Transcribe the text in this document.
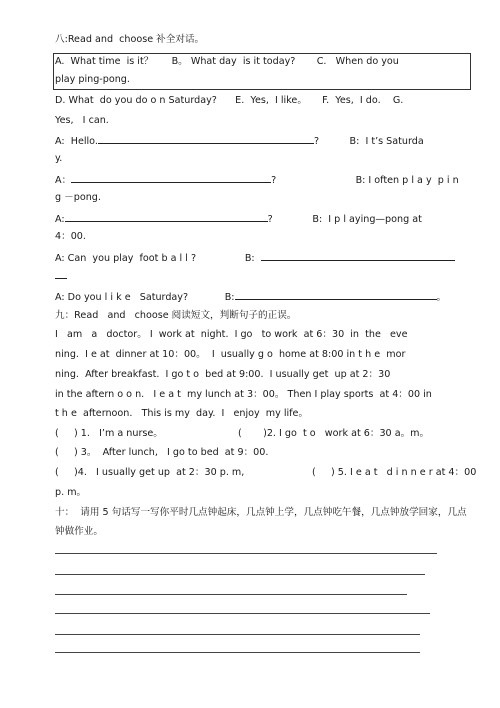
八:Read and  choose 补全对话。
A.  What time  is it？      B。 What day  is it today?       C.   When do you
play ping-pong.
D. What  do you do o n Saturday?      E.  Yes,  I like。     F.  Yes,  I do.    G.
Yes,   I can.
A:  Hello.	?	B:  I t’s Saturda
y.
A：	?	B: I often p l a y  p i n
g －pong.
A:	?	B:  I p l aying—pong at
4：00.
A: Can  you play  foot b a l l ?	B:
A: Do you l i k e   Saturday?	B:	。
九：Read   and   choose 阅读短文，判断句子的正误。
I   am   a   doctor。 I  work at  night.  I go   to work  at 6：30  in  the   eve
ning.  I e at  dinner at 10：00。  I  usually g o  home at 8:00 in t h e  mor
ning.  After breakfast.  I go t o  bed at 9:00.  I usually get  up at 2：30
in the aftern o o n.   I e a t  my lunch at 3：00。 Then I play sports  at 4：00 in
t h e  afternoon.   This is my  day.  I   enjoy  my life。
(     ) 1.   I’m a nurse。	(       )2. I go  t o   work at 6：30 a。m。
(     ) 3。  After lunch,   I go to bed  at 9：00.
(     )4.   I usually get up  at 2：30 p. m,	(     ) 5. I e a t   d i n n e r at 4：00
p. m。
十：  请用 5 句话写一写你平时几点钟起床，几点钟上学，几点钟吃午餐，几点钟放学回家，几点
钟做作业。
